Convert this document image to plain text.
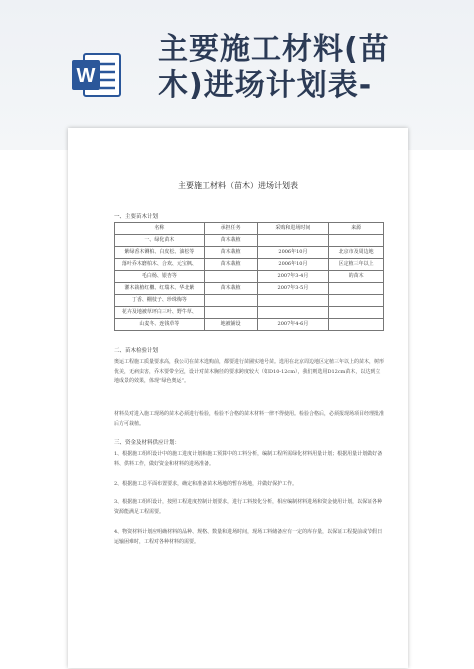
W
主要施工材料(苗
木)进场计划表-

主要施工材料（苗木）进场计划表

一、主要苗木计划

名称	承担任务	采购和进场时间	来源
一、绿化苗木	苗木栽植		
紫绿香木铡柏、白皮松、油松等	苗木栽植	2006年10月	北京市及周边地
落叶乔木磨柏木、合欢、元宝枫、	苗木栽植	2006年10月	区定植三年以上
毛白杨、银杏等		2007年3-4月	的苗木
灌木栽植红檵、红瑞木、华北紫	苗木栽植	2007年3-5月	
丁香、棚枝子、珍珠梅等			
花卉及地被草坪白三叶、野牛草、			
山麦冬、连钱草等	地被铺设	2007年4-6月	

二、苗木检验计划

奥运工程施工质量要求高，我公司在苗木选购前，都要进行苗圃实地号苗。选用在北京周边地区定植三年以上的苗木，树形优美，无病虫害，乔木要带全冠，设计对苗木胸径的要求跨度较大（如D10-12cm），我们则选用D12cm苗木，以达到立地成景的效果，体现“绿色奥运”。

材料员对进入施工现场的苗木必须进行检验，检验不合格的苗木材料一律不得使用。检验合格后，必须报现场项目经理批准后方可栽植。

三、资金及材料供应计划：

1、根据施工组织设计中的施工进度计划和施工预算中的工料分析，编制工程所需绿化材料用量计划；根据用量计划做好备料、供料工作，做好资金和材料的进场准备。

2、根据施工总平面布置要求，确定和准备苗木场地的暂存场地，并做好保护工作。

3、根据施工组织设计，按照工程进度控制计划要求，进行工料按化分析，相应编制材料进场和资金使用计划，以保证各种资源能满足工程需要。

4、物资材料计划应明确材料的品种、规格、数量和进场时间，现场工料储备应有一定的库存量，以保证工程提前或节假日运输困难时，工程对各种材料的需要。
